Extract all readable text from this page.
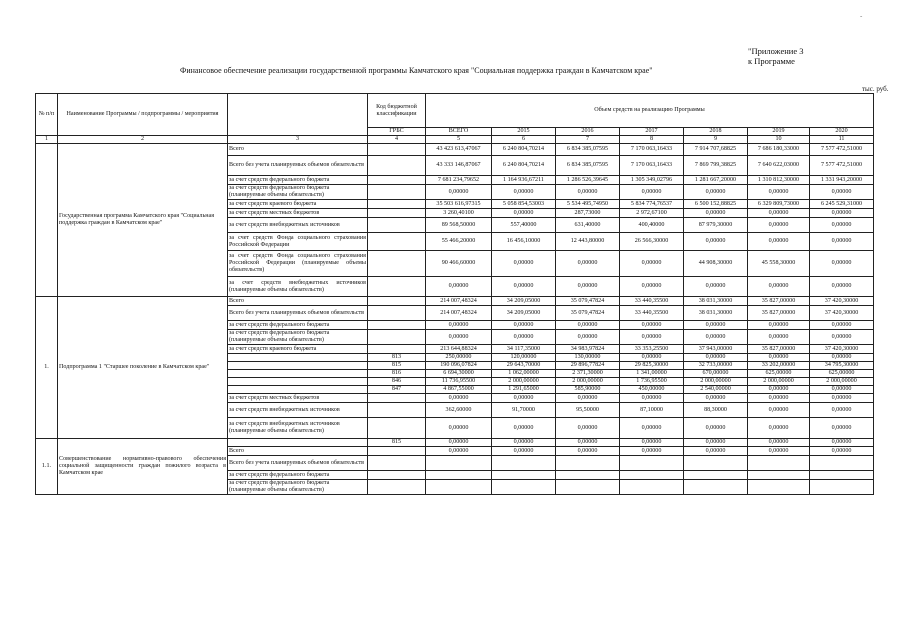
-
"Приложение 3
к Программе
Финансовое обеспечение реализации государственной программы Камчатского края "Социальная поддержка граждан в Камчатском крае"
тыс. руб.
№ п/п	Наименование Программы / подпрограммы / мероприятия		Код бюджетной классификации	Объем средств на реализацию Программы						
			ГРБС	ВСЕГО	2015	2016	2017	2018	2019	2020
1	2	3	4	5	6	7	8	9	10	11
	Государственная программа Камчатского края "Социальная поддержка граждан в Камчатском крае"	Всего		43 423 613,47067	6 240 804,70214	6 834 385,07595	7 170 063,16433	7 914 707,68825	7 686 180,33000	7 577 472,51000
		Всего без учета планируемых объемов обязательств		43 333 146,87067	6 240 804,70214	6 834 385,07595	7 170 063,16433	7 869 799,38825	7 640 622,03000	7 577 472,51000
		за счет средств федерального бюджета		7 681 234,79652	1 164 936,67211	1 286 526,39645	1 305 349,02796	1 281 667,20000	1 310 812,30000	1 331 943,20000
		за счет средств федерального бюджета (планируемые объемы обязательств)		0,00000	0,00000	0,00000	0,00000	0,00000	0,00000	0,00000
		за счет средств краевого бюджета		35 503 616,97315	5 058 854,53003	5 534 495,74950	5 834 774,76537	6 500 152,88825	6 329 809,73000	6 245 529,31000
		за счет средств местных бюджетов		3 260,40100	0,00000	287,73000	2 972,67100	0,00000	0,00000	0,00000
		за счет средств внебюджетных источников		89 568,50000	557,40000	631,40000	400,40000	87 979,30000	0,00000	0,00000
		за счет средств Фонда социального страхования Российской Федерации		55 466,20000	16 456,10000	12 443,80000	26 566,30000	0,00000	0,00000	0,00000
		за счет средств Фонда социального страхования Российской Федерации (планируемые объемы обязательств)		90 466,60000	0,00000	0,00000	0,00000	44 908,30000	45 558,30000	0,00000
		за счет средств внебюджетных источников (планируемые объемы обязательств)		0,00000	0,00000	0,00000	0,00000	0,00000	0,00000	0,00000
1.	Подпрограмма 1 "Старшее поколение в Камчатском крае"	Всего		214 007,48324	34 209,05000	35 079,47824	33 440,35500	38 031,30000	35 827,00000	37 420,30000
		Всего без учета планируемых объемов обязательств		214 007,48324	34 209,05000	35 079,47824	33 440,35500	38 031,30000	35 827,00000	37 420,30000
		за счет средств федерального бюджета		0,00000	0,00000	0,00000	0,00000	0,00000	0,00000	0,00000
		за счет средств федерального бюджета (планируемые объемы обязательств)		0,00000	0,00000	0,00000	0,00000	0,00000	0,00000	0,00000
		за счет средств краевого бюджета		213 644,88324	34 117,35000	34 983,97824	33 353,25500	37 943,00000	35 827,00000	37 420,30000
			813	250,00000	120,00000	130,00000	0,00000	0,00000	0,00000	0,00000
			815	190 096,07824	29 643,70000	29 896,77824	29 825,30000	32 733,00000	33 202,00000	34 795,30000
			816	6 694,30000	1 062,00000	2 371,30000	1 341,00000	670,00000	625,00000	625,00000
			846	11 736,95500	2 000,00000	2 000,00000	1 736,95500	2 000,00000	2 000,00000	2 000,00000
			847	4 867,55000	1 291,65000	585,90000	450,00000	2 540,00000	0,00000	0,00000
		за счет средств местных бюджетов		0,00000	0,00000	0,00000	0,00000	0,00000	0,00000	0,00000
		за счет средств внебюджетных источников		362,60000	91,70000	95,50000	87,10000	88,30000	0,00000	0,00000
		за счет средств внебюджетных источников (планируемые объемы обязательств)		0,00000	0,00000	0,00000	0,00000	0,00000	0,00000	0,00000
1.1.	Совершенствование нормативно-правового обеспечения социальной защищенности граждан пожилого возраста в Камчатском крае		815	0,00000	0,00000	0,00000	0,00000	0,00000	0,00000	0,00000
		Всего		0,00000	0,00000	0,00000	0,00000	0,00000	0,00000	0,00000
		Всего без учета планируемых объемов обязательств								
		за счет средств федерального бюджета								
		за счет средств федерального бюджета (планируемые объемы обязательств)								
